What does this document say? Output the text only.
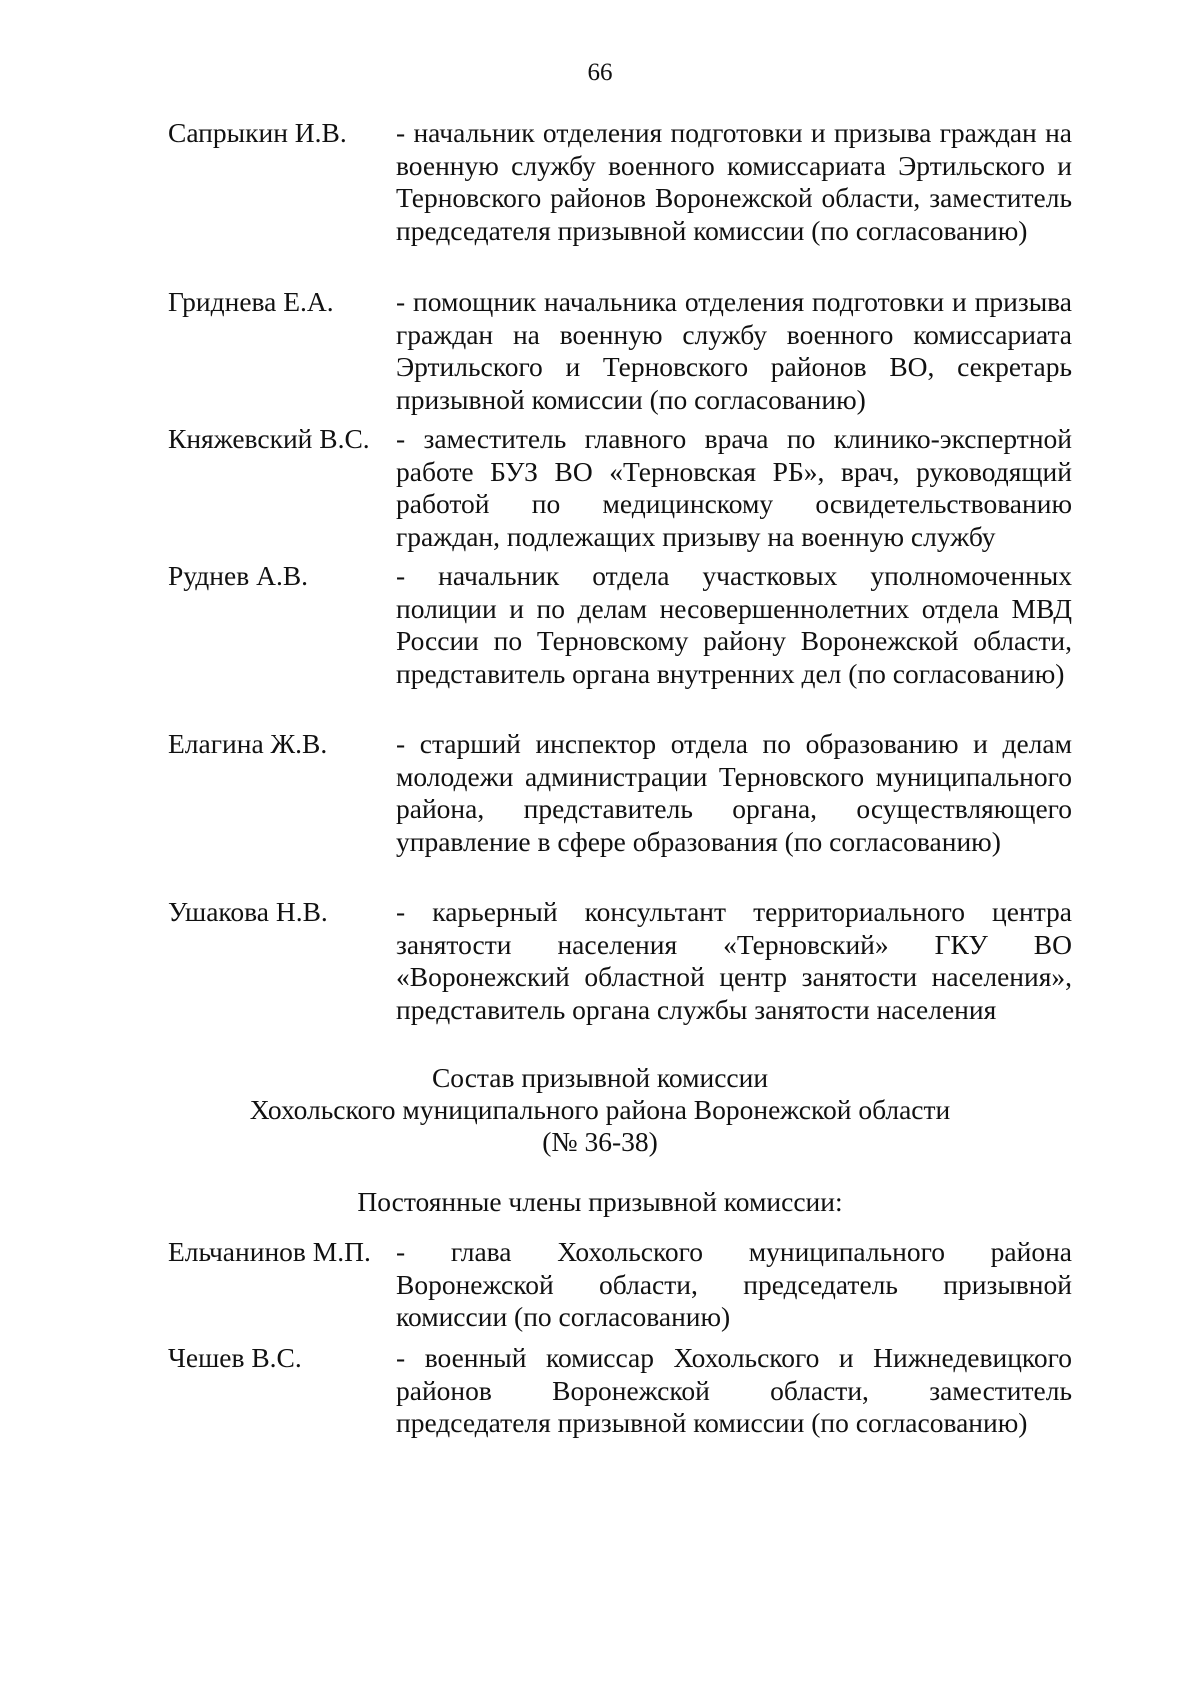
66
Сапрыкин И.В.	- начальник отделения подготовки и призыва граждан на военную службу военного комиссариата Эртильского и Терновского районов Воронежской области, заместитель председателя призывной комиссии (по согласованию)
Гриднева Е.А.	- помощник начальника отделения подготовки и призыва граждан на военную службу военного комиссариата Эртильского и Терновского районов ВО, секретарь призывной комиссии (по согласованию)
Княжевский В.С. - заместитель главного врача по клинико-экспертной работе БУЗ ВО «Терновская РБ», врач, руководящий работой по медицинскому освидетельствованию граждан, подлежащих призыву на военную службу
Руднев А.В.	- начальник отдела участковых уполномоченных полиции и по делам несовершеннолетних отдела МВД России по Терновскому району Воронежской области, представитель органа внутренних дел (по согласованию)
Елагина Ж.В.	- старший инспектор отдела по образованию и делам молодежи администрации Терновского муниципального района, представитель органа, осуществляющего управление в сфере образования (по согласованию)
Ушакова Н.В.	- карьерный консультант территориального центра занятости населения «Терновский» ГКУ ВО «Воронежский областной центр занятости населения», представитель органа службы занятости населения
Состав призывной комиссии
Хохольского муниципального района Воронежской области
(№ 36-38)
Постоянные члены призывной комиссии:
Ельчанинов М.П. - глава Хохольского муниципального района Воронежской области, председатель призывной комиссии (по согласованию)
Чешев В.С.	- военный комиссар Хохольского и Нижнедевицкого районов Воронежской области, заместитель председателя призывной комиссии (по согласованию)
